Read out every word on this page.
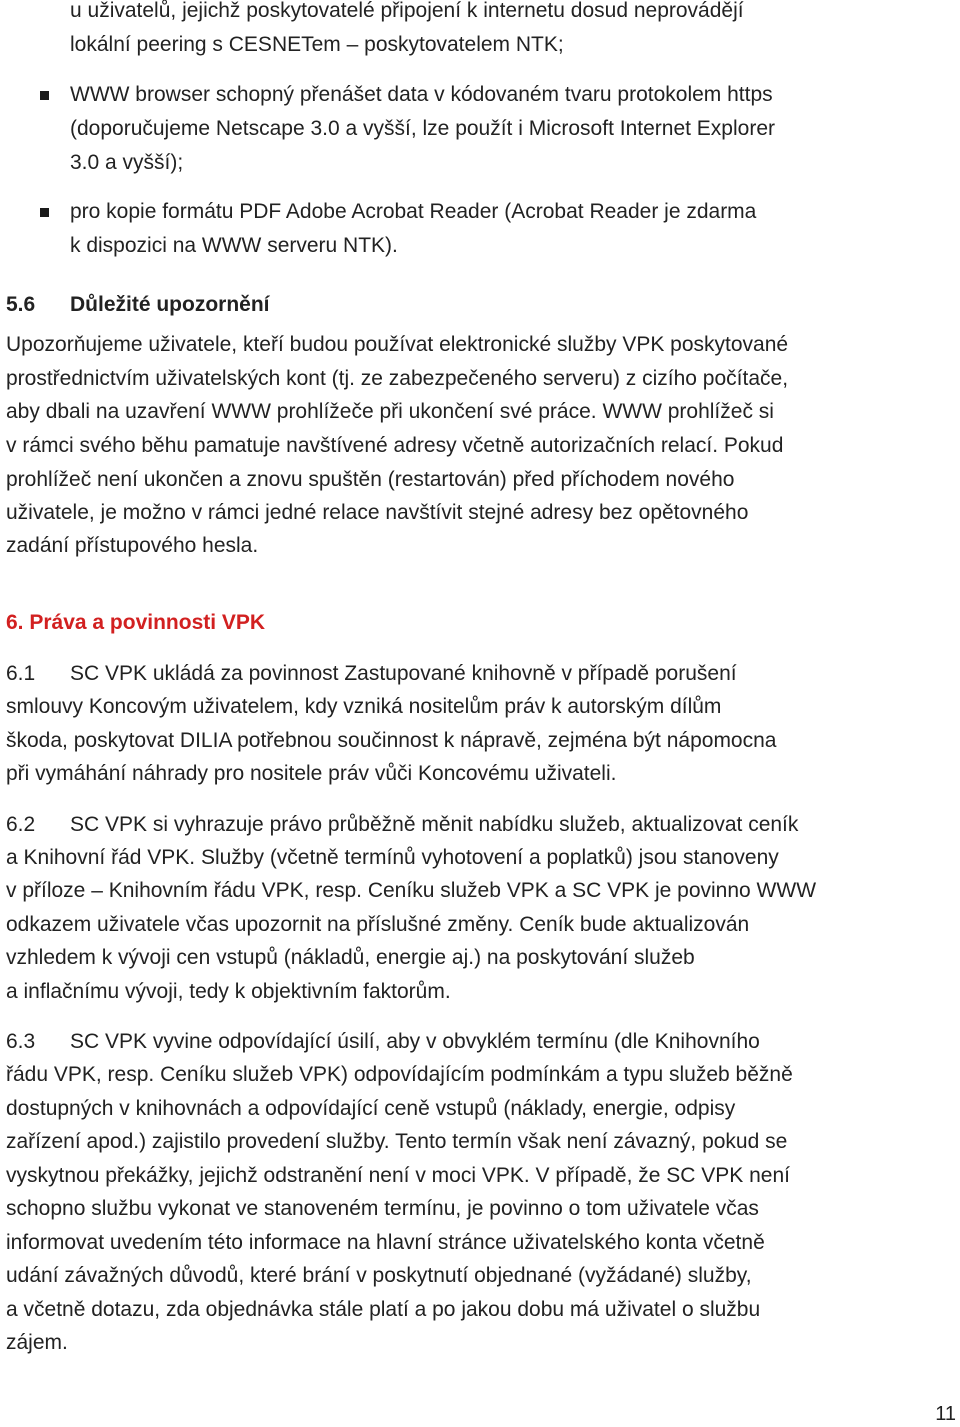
u uživatelů, jejichž poskytovatelé připojení k internetu dosud neprovádějí
lokální peering s CESNETem – poskytovatelem NTK;
WWW browser schopný přenášet data v kódovaném tvaru protokolem https
(doporučujeme Netscape 3.0 a vyšší, lze použít i Microsoft Internet Explorer
3.0 a vyšší);
pro kopie formátu PDF Adobe Acrobat Reader (Acrobat Reader je zdarma
k dispozici na WWW serveru NTK).
5.6 Důležité upozornění
Upozorňujeme uživatele, kteří budou používat elektronické služby VPK poskytované
prostřednictvím uživatelských kont (tj. ze zabezpečeného serveru) z cizího počítače,
aby dbali na uzavření WWW prohlížeče při ukončení své práce. WWW prohlížeč si
v rámci svého běhu pamatuje navštívené adresy včetně autorizačních relací. Pokud
prohlížeč není ukončen a znovu spuštěn (restartován) před příchodem nového
uživatele, je možno v rámci jedné relace navštívit stejné adresy bez opětovného
zadání přístupového hesla.
6. Práva a povinnosti VPK
6.1 SC VPK ukládá za povinnost Zastupované knihovně v případě porušení
smlouvy Koncovým uživatelem, kdy vzniká nositelům práv k autorským dílům
škoda, poskytovat DILIA potřebnou součinnost k nápravě, zejména být nápomocna
při vymáhání náhrady pro nositele práv vůči Koncovému uživateli.
6.2 SC VPK si vyhrazuje právo průběžně měnit nabídku služeb, aktualizovat ceník
a Knihovní řád VPK. Služby (včetně termínů vyhotovení a poplatků) jsou stanoveny
v příloze – Knihovním řádu VPK, resp. Ceníku služeb VPK a SC VPK je povinno WWW
odkazem uživatele včas upozornit na příslušné změny. Ceník bude aktualizován
vzhledem k vývoji cen vstupů (nákladů, energie aj.) na poskytování služeb
a inflačnímu vývoji, tedy k objektivním faktorům.
6.3 SC VPK vyvine odpovídající úsilí, aby v obvyklém termínu (dle Knihovního
řádu VPK, resp. Ceníku služeb VPK) odpovídajícím podmínkám a typu služeb běžně
dostupných v knihovnách a odpovídající ceně vstupů (náklady, energie, odpisy
zařízení apod.) zajistilo provedení služby. Tento termín však není závazný, pokud se
vyskytnou překážky, jejichž odstranění není v moci VPK. V případě, že SC VPK není
schopno službu vykonat ve stanoveném termínu, je povinno o tom uživatele včas
informovat uvedením této informace na hlavní stránce uživatelského konta včetně
udání závažných důvodů, které brání v poskytnutí objednané (vyžádané) služby,
a včetně dotazu, zda objednávka stále platí a po jakou dobu má uživatel o službu
zájem.
11
